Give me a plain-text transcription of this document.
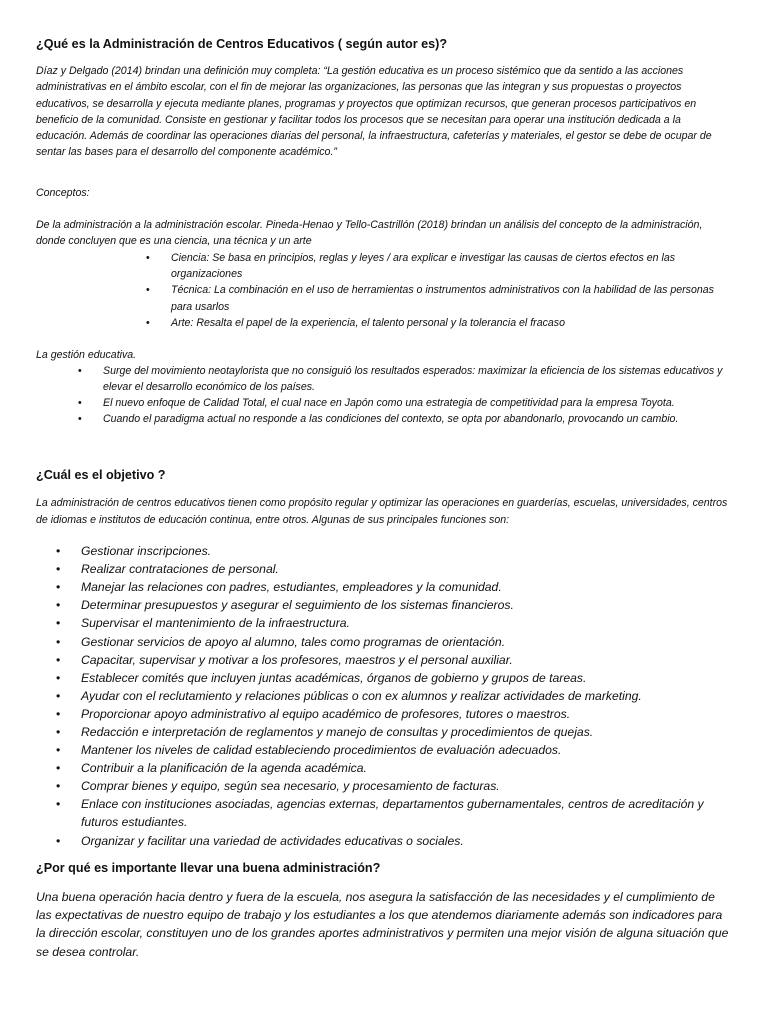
¿Qué es la Administración de Centros Educativos ( según autor es)?

Díaz y Delgado (2014) brindan una definición muy completa: “La gestión educativa es un proceso sistémico que da sentido a las acciones administrativas en el ámbito escolar, con el fin de mejorar las organizaciones, las personas que las integran y sus propuestas o proyectos educativos, se desarrolla y ejecuta mediante planes, programas y proyectos que optimizan recursos, que generan procesos participativos en beneficio de la comunidad. Consiste en gestionar y facilitar todos los procesos que se necesitan para operar una institución dedicada a la educación. Además de coordinar las operaciones diarias del personal, la infraestructura, cafeterías y materiales, el gestor se debe de ocupar de sentar las bases para el desarrollo del componente académico.”

Conceptos:

De la administración a la administración escolar. Pineda-Henao y Tello-Castrillón (2018) brindan un análisis del concepto de la administración, donde concluyen que es una ciencia, una técnica y un arte

• Ciencia: Se basa en principios, reglas y leyes / ara explicar e investigar las causas de ciertos efectos en las organizaciones
• Técnica: La combinación en el uso de herramientas o instrumentos administrativos con la habilidad de las personas para usarlos
• Arte: Resalta el papel de la experiencia, el talento personal y la tolerancia el fracaso

La gestión educativa.

• Surge del movimiento neotaylorista que no consiguió los resultados esperados: maximizar la eficiencia de los sistemas educativos y elevar el desarrollo económico de los países.
• El nuevo enfoque de Calidad Total, el cual nace en Japón como una estrategia de competitividad para la empresa Toyota.
• Cuando el paradigma actual no responde a las condiciones del contexto, se opta por abandonarlo, provocando un cambio.

¿Cuál es el objetivo ?

La administración de centros educativos tienen como propósito regular y optimizar las operaciones en guarderías, escuelas, universidades, centros de idiomas e institutos de educación continua, entre otros. Algunas de sus principales funciones son:

• Gestionar inscripciones.
• Realizar contrataciones de personal.
• Manejar las relaciones con padres, estudiantes, empleadores y la comunidad.
• Determinar presupuestos y asegurar el seguimiento de los sistemas financieros.
• Supervisar el mantenimiento de la infraestructura.
• Gestionar servicios de apoyo al alumno, tales como programas de orientación.
• Capacitar, supervisar y motivar a los profesores, maestros y el personal auxiliar.
• Establecer comités que incluyen juntas académicas, órganos de gobierno y grupos de tareas.
• Ayudar con el reclutamiento y relaciones públicas o con ex alumnos y realizar actividades de marketing.
• Proporcionar apoyo administrativo al equipo académico de profesores, tutores o maestros.
• Redacción e interpretación de reglamentos y manejo de consultas y procedimientos de quejas.
• Mantener los niveles de calidad estableciendo procedimientos de evaluación adecuados.
• Contribuir a la planificación de la agenda académica.
• Comprar bienes y equipo, según sea necesario, y procesamiento de facturas.
• Enlace con instituciones asociadas, agencias externas, departamentos gubernamentales, centros de acreditación y futuros estudiantes.
• Organizar y facilitar una variedad de actividades educativas o sociales.

¿Por qué es importante llevar una buena administración?

Una buena operación hacia dentro y fuera de la escuela, nos asegura la satisfacción de las necesidades y el cumplimiento de las expectativas de nuestro equipo de trabajo y los estudiantes a los que atendemos diariamente además son indicadores para la dirección escolar, constituyen uno de los grandes aportes administrativos y permiten una mejor visión de alguna situación que se desea controlar.
